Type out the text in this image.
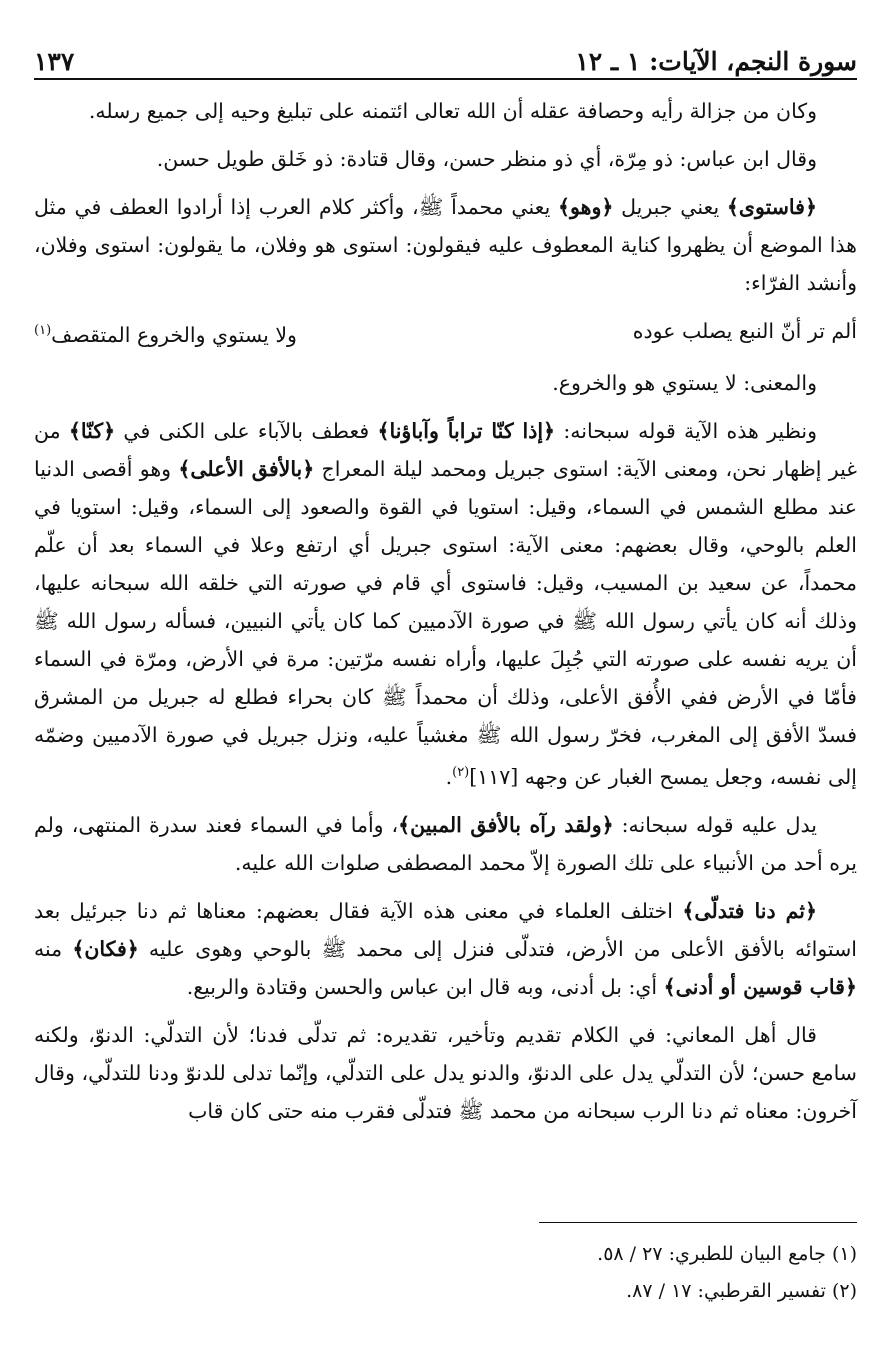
سورة النجم، الآيات: ١ ـ ١٢
١٣٧

وكان من جزالة رأيه وحصافة عقله أن الله تعالى ائتمنه على تبليغ وحيه إلى جميع رسله.

وقال ابن عباس: ذو مِرّة، أي ذو منظر حسن، وقال قتادة: ذو خَلق طويل حسن.

﴿فاستوى﴾ يعني جبريل ﴿وهو﴾ يعني محمداً ﷺ، وأكثر كلام العرب إذا أرادوا العطف في مثل هذا الموضع أن يظهروا كناية المعطوف عليه فيقولون: استوى هو وفلان، ما يقولون: استوى وفلان، وأنشد الفرّاء:

ألم تر أنّ النبع يصلب عوده
ولا يستوي والخروع المتقصف$^{(١)}$

والمعنى: لا يستوي هو والخروع.

ونظير هذه الآية قوله سبحانه: ﴿إذا كنّا تراباً وآباؤنا﴾ فعطف بالآباء على الكنى في ﴿كنّا﴾ من غير إظهار نحن، ومعنى الآية: استوى جبريل ومحمد ليلة المعراج ﴿بالأفق الأعلى﴾ وهو أقصى الدنيا عند مطلع الشمس في السماء، وقيل: استويا في القوة والصعود إلى السماء، وقيل: استويا في العلم بالوحي، وقال بعضهم: معنى الآية: استوى جبريل أي ارتفع وعلا في السماء بعد أن علّم محمداً، عن سعيد بن المسيب، وقيل: فاستوى أي قام في صورته التي خلقه الله سبحانه عليها، وذلك أنه كان يأتي رسول الله ﷺ في صورة الآدميين كما كان يأتي النبيين، فسأله رسول الله ﷺ أن يريه نفسه على صورته التي جُبِلَ عليها، وأراه نفسه مرّتين: مرة في الأرض، ومرّة في السماء فأمّا في الأرض ففي الأُفق الأعلى، وذلك أن محمداً ﷺ كان بحراء فطلع له جبريل من المشرق فسدّ الأفق إلى المغرب، فخرّ رسول الله ﷺ مغشياً عليه، ونزل جبريل في صورة الآدميين وضمّه إلى نفسه، وجعل يمسح الغبار عن وجهه [١١٧]$^{(٢)}$.

يدل عليه قوله سبحانه: ﴿ولقد رآه بالأفق المبين﴾، وأما في السماء فعند سدرة المنتهى، ولم يره أحد من الأنبياء على تلك الصورة إلاّ محمد المصطفى صلوات الله عليه.

﴿ثم دنا فتدلّى﴾ اختلف العلماء في معنى هذه الآية فقال بعضهم: معناها ثم دنا جبرئيل بعد استوائه بالأفق الأعلى من الأرض، فتدلّى فنزل إلى محمد ﷺ بالوحي وهوى عليه ﴿فكان﴾ منه ﴿قاب قوسين أو أدنى﴾ أي: بل أدنى، وبه قال ابن عباس والحسن وقتادة والربيع.

قال أهل المعاني: في الكلام تقديم وتأخير، تقديره: ثم تدلّى فدنا؛ لأن التدلّي: الدنوّ، ولكنه سامع حسن؛ لأن التدلّي يدل على الدنوّ، والدنو يدل على التدلّي، وإنّما تدلى للدنوّ ودنا للتدلّي، وقال آخرون: معناه ثم دنا الرب سبحانه من محمد ﷺ فتدلّى فقرب منه حتى كان قاب

(١) جامع البيان للطبري: ٢٧ / ٥٨.
(٢) تفسير القرطبي: ١٧ / ٨٧.
